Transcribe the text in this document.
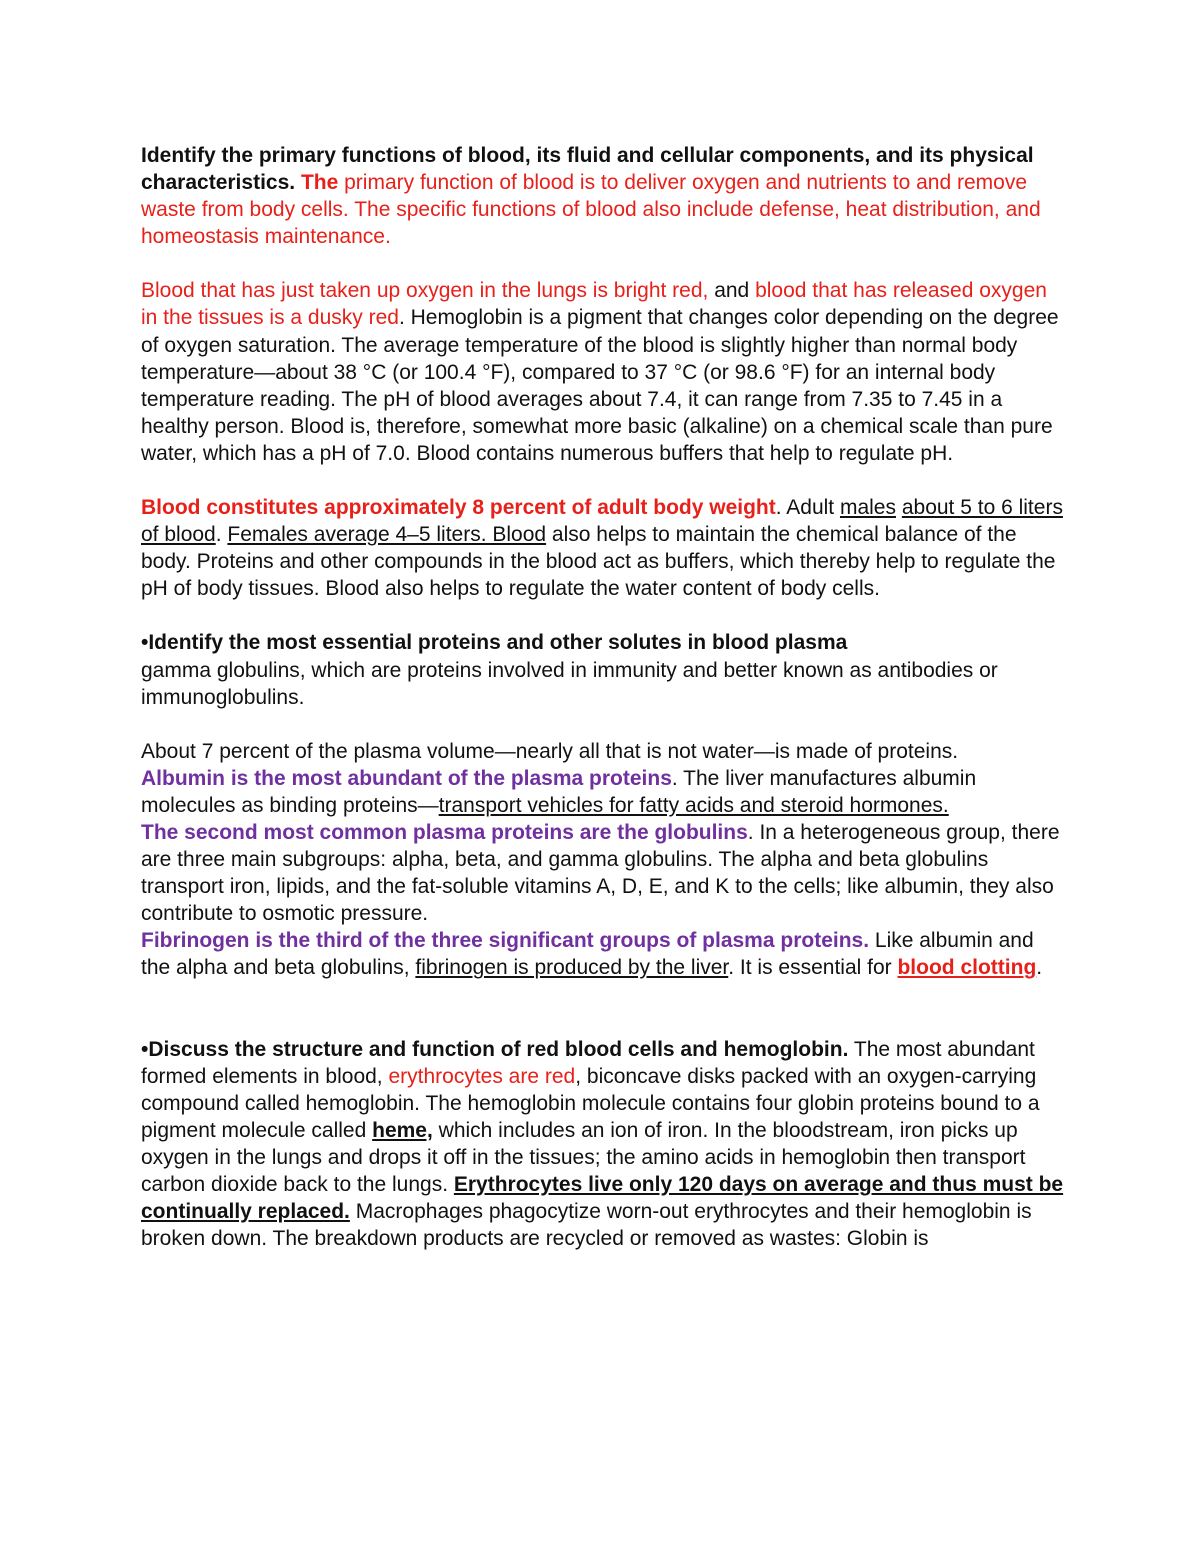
Identify the primary functions of blood, its fluid and cellular components, and its physical characteristics. The primary function of blood is to deliver oxygen and nutrients to and remove waste from body cells. The specific functions of blood also include defense, heat distribution, and homeostasis maintenance.

Blood that has just taken up oxygen in the lungs is bright red, and blood that has released oxygen in the tissues is a dusky red. Hemoglobin is a pigment that changes color depending on the degree of oxygen saturation. The average temperature of the blood is slightly higher than normal body temperature—about 38 °C (or 100.4 °F), compared to 37 °C (or 98.6 °F) for an internal body temperature reading. The pH of blood averages about 7.4, it can range from 7.35 to 7.45 in a healthy person. Blood is, therefore, somewhat more basic (alkaline) on a chemical scale than pure water, which has a pH of 7.0. Blood contains numerous buffers that help to regulate pH.

Blood constitutes approximately 8 percent of adult body weight. Adult males about 5 to 6 liters of blood. Females average 4–5 liters. Blood also helps to maintain the chemical balance of the body. Proteins and other compounds in the blood act as buffers, which thereby help to regulate the pH of body tissues. Blood also helps to regulate the water content of body cells.

•Identify the most essential proteins and other solutes in blood plasma
gamma globulins, which are proteins involved in immunity and better known as antibodies or immunoglobulins.

About 7 percent of the plasma volume—nearly all that is not water—is made of proteins.
Albumin is the most abundant of the plasma proteins. The liver manufactures albumin molecules as binding proteins—transport vehicles for fatty acids and steroid hormones.
The second most common plasma proteins are the globulins. In a heterogeneous group, there are three main subgroups: alpha, beta, and gamma globulins. The alpha and beta globulins transport iron, lipids, and the fat-soluble vitamins A, D, E, and K to the cells; like albumin, they also contribute to osmotic pressure.
Fibrinogen is the third of the three significant groups of plasma proteins. Like albumin and the alpha and beta globulins, fibrinogen is produced by the liver. It is essential for blood clotting.

•Discuss the structure and function of red blood cells and hemoglobin. The most abundant formed elements in blood, erythrocytes are red, biconcave disks packed with an oxygen-carrying compound called hemoglobin. The hemoglobin molecule contains four globin proteins bound to a pigment molecule called heme, which includes an ion of iron. In the bloodstream, iron picks up oxygen in the lungs and drops it off in the tissues; the amino acids in hemoglobin then transport carbon dioxide back to the lungs. Erythrocytes live only 120 days on average and thus must be continually replaced. Macrophages phagocytize worn-out erythrocytes and their hemoglobin is broken down. The breakdown products are recycled or removed as wastes: Globin is
